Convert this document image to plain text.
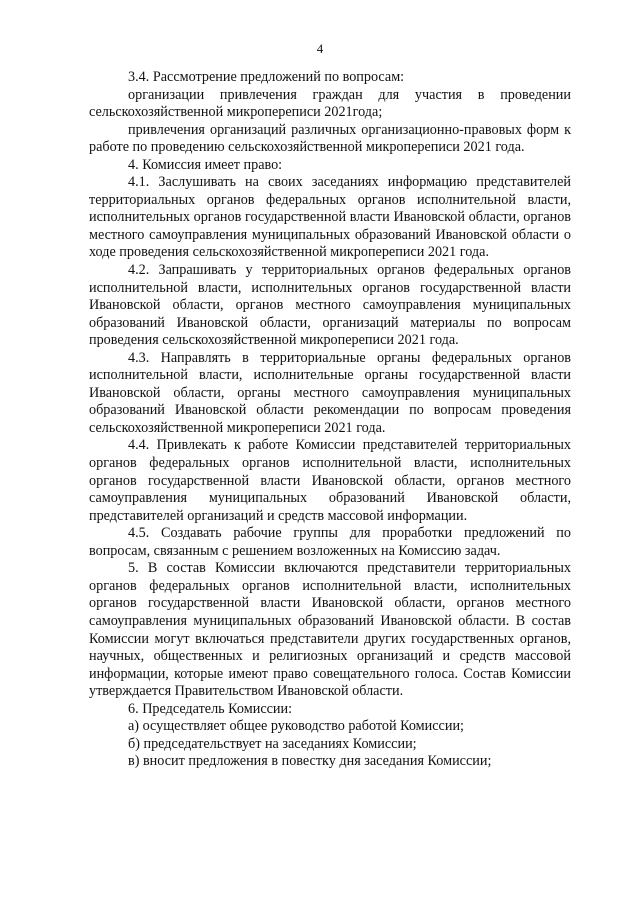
4

3.4. Рассмотрение предложений по вопросам:

организации привлечения граждан для участия в проведении сельскохозяйственной микропереписи 2021года;

привлечения организаций различных организационно-правовых форм к работе по проведению сельскохозяйственной микропереписи 2021 года.

4. Комиссия имеет право:

4.1. Заслушивать на своих заседаниях информацию представителей территориальных органов федеральных органов исполнительной власти, исполнительных органов государственной власти Ивановской области, органов местного самоуправления муниципальных образований Ивановской области о ходе проведения сельскохозяйственной микропереписи 2021 года.

4.2. Запрашивать у территориальных органов федеральных органов исполнительной власти, исполнительных органов государственной власти Ивановской области, органов местного самоуправления муниципальных образований Ивановской области, организаций материалы по вопросам проведения сельскохозяйственной микропереписи 2021 года.

4.3. Направлять в территориальные органы федеральных органов исполнительной власти, исполнительные органы государственной власти Ивановской области, органы местного самоуправления муниципальных образований Ивановской области рекомендации по вопросам проведения сельскохозяйственной микропереписи 2021 года.

4.4. Привлекать к работе Комиссии представителей территориальных органов федеральных органов исполнительной власти, исполнительных органов государственной власти Ивановской области, органов местного самоуправления муниципальных образований Ивановской области, представителей организаций и средств массовой информации.

4.5. Создавать рабочие группы для проработки предложений по вопросам, связанным с решением возложенных на Комиссию задач.

5. В состав Комиссии включаются представители территориальных органов федеральных органов исполнительной власти, исполнительных органов государственной власти Ивановской области, органов местного самоуправления муниципальных образований Ивановской области. В состав Комиссии могут включаться представители других государственных органов, научных, общественных и религиозных организаций и средств массовой информации, которые имеют право совещательного голоса. Состав Комиссии утверждается Правительством Ивановской области.

6. Председатель Комиссии:

а) осуществляет общее руководство работой Комиссии;

б) председательствует на заседаниях Комиссии;

в) вносит предложения в повестку дня заседания Комиссии;
